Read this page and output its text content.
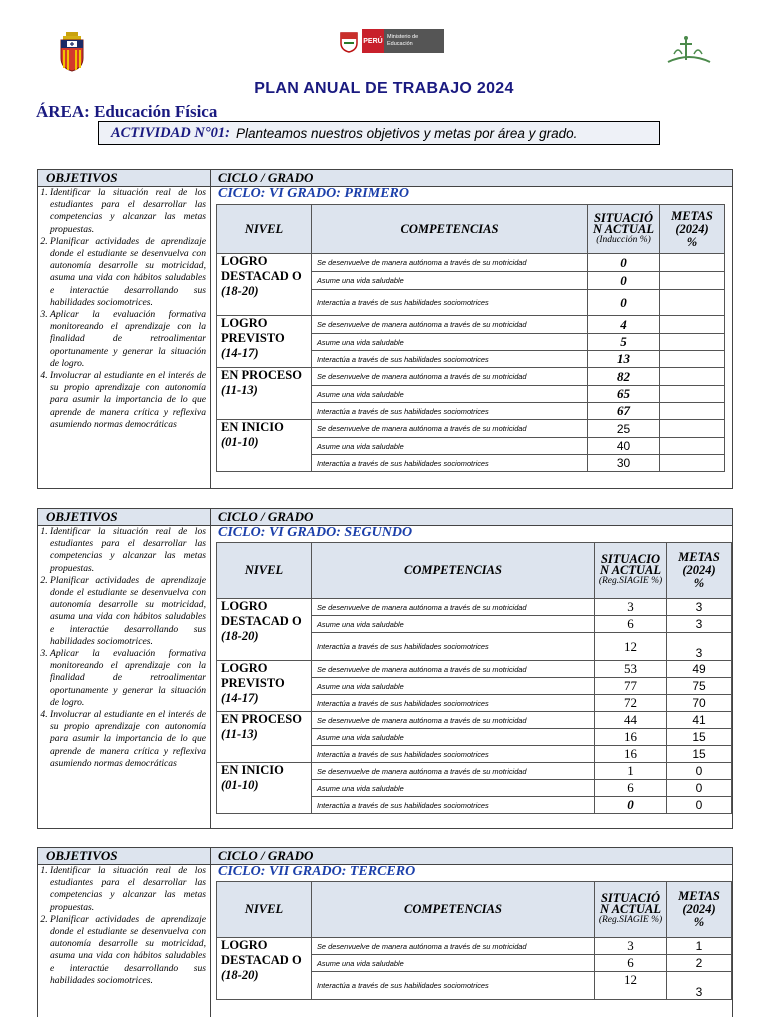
PERÚ
Ministerio de Educación
PLAN ANUAL DE TRABAJO 2024
ÁREA: Educación Física
ACTIVIDAD N°01: Planteamos nuestros objetivos y metas por área y grado.
OBJETIVOS	CICLO / GRADO
1. Identificar la situación real de los estudiantes para el desarrollar las competencias y alcanzar las metas propuestas.
2. Planificar actividades de aprendizaje donde el estudiante se desenvuelva con autonomía desarrolle su motricidad, asuma una vida con hábitos saludables e interactúe desarrollando sus habilidades sociomotrices.
3. Aplicar la evaluación formativa monitoreando el aprendizaje con la finalidad de retroalimentar oportunamente y generar la situación de logro.
4. Involucrar al estudiante en el interés de su propio aprendizaje con autonomía para asumir la importancia de lo que aprende de manera crítica y reflexiva asumiendo normas democráticas
CICLO: VI GRADO: PRIMERO
NIVEL	COMPETENCIAS	SITUACIÓ N ACTUAL
(Inducción %)	METAS
(2024)
%
LOGRO DESTACAD O
(18-20)	Se desenvuelve de manera autónoma a través de su motricidad	0	
	Asume una vida saludable	0	
	Interactúa a través de sus habilidades sociomotrices	0	
LOGRO PREVISTO
(14-17)	Se desenvuelve de manera autónoma a través de su motricidad	4	
	Asume una vida saludable	5	
	Interactúa a través de sus habilidades sociomotrices	13	
EN PROCESO
(11-13)	Se desenvuelve de manera autónoma a través de su motricidad	82	
	Asume una vida saludable	65	
	Interactúa a través de sus habilidades sociomotrices	67	
EN INICIO
(01-10)	Se desenvuelve de manera autónoma a través de su motricidad	25	
	Asume una vida saludable	40	
	Interactúa a través de sus habilidades sociomotrices	30	
OBJETIVOS	CICLO / GRADO
1. Identificar la situación real de los estudiantes para el desarrollar las competencias y alcanzar las metas propuestas.
2. Planificar actividades de aprendizaje donde el estudiante se desenvuelva con autonomía desarrolle su motricidad, asuma una vida con hábitos saludables e interactúe desarrollando sus habilidades sociomotrices.
3. Aplicar la evaluación formativa monitoreando el aprendizaje con la finalidad de retroalimentar oportunamente y generar la situación de logro.
4. Involucrar al estudiante en el interés de su propio aprendizaje con autonomía para asumir la importancia de lo que aprende de manera crítica y reflexiva asumiendo normas democráticas
CICLO: VI GRADO: SEGUNDO
NIVEL	COMPETENCIAS	SITUACIO N ACTUAL
(Reg.SIAGIE %)	METAS
(2024)
%
LOGRO DESTACAD O
(18-20)	Se desenvuelve de manera autónoma a través de su motricidad	3	3
	Asume una vida saludable	6	3
	Interactúa a través de sus habilidades sociomotrices	12	3
LOGRO PREVISTO
(14-17)	Se desenvuelve de manera autónoma a través de su motricidad	53	49
	Asume una vida saludable	77	75
	Interactúa a través de sus habilidades sociomotrices	72	70
EN PROCESO
(11-13)	Se desenvuelve de manera autónoma a través de su motricidad	44	41
	Asume una vida saludable	16	15
	Interactúa a través de sus habilidades sociomotrices	16	15
EN INICIO
(01-10)	Se desenvuelve de manera autónoma a través de su motricidad	1	0
	Asume una vida saludable	6	0
	Interactúa a través de sus habilidades sociomotrices	0	0
OBJETIVOS	CICLO / GRADO
1. Identificar la situación real de los estudiantes para el desarrollar las competencias y alcanzar las metas propuestas.
2. Planificar actividades de aprendizaje donde el estudiante se desenvuelva con autonomía desarrolle su motricidad, asuma una vida con hábitos saludables e interactúe desarrollando sus habilidades sociomotrices.
CICLO: VII GRADO: TERCERO
NIVEL	COMPETENCIAS	SITUACIÓ N ACTUAL
(Reg.SIAGIE %)	METAS
(2024)
%
LOGRO DESTACAD O
(18-20)	Se desenvuelve de manera autónoma a través de su motricidad	3	1
	Asume una vida saludable	6	2
	Interactúa a través de sus habilidades sociomotrices	12	3
